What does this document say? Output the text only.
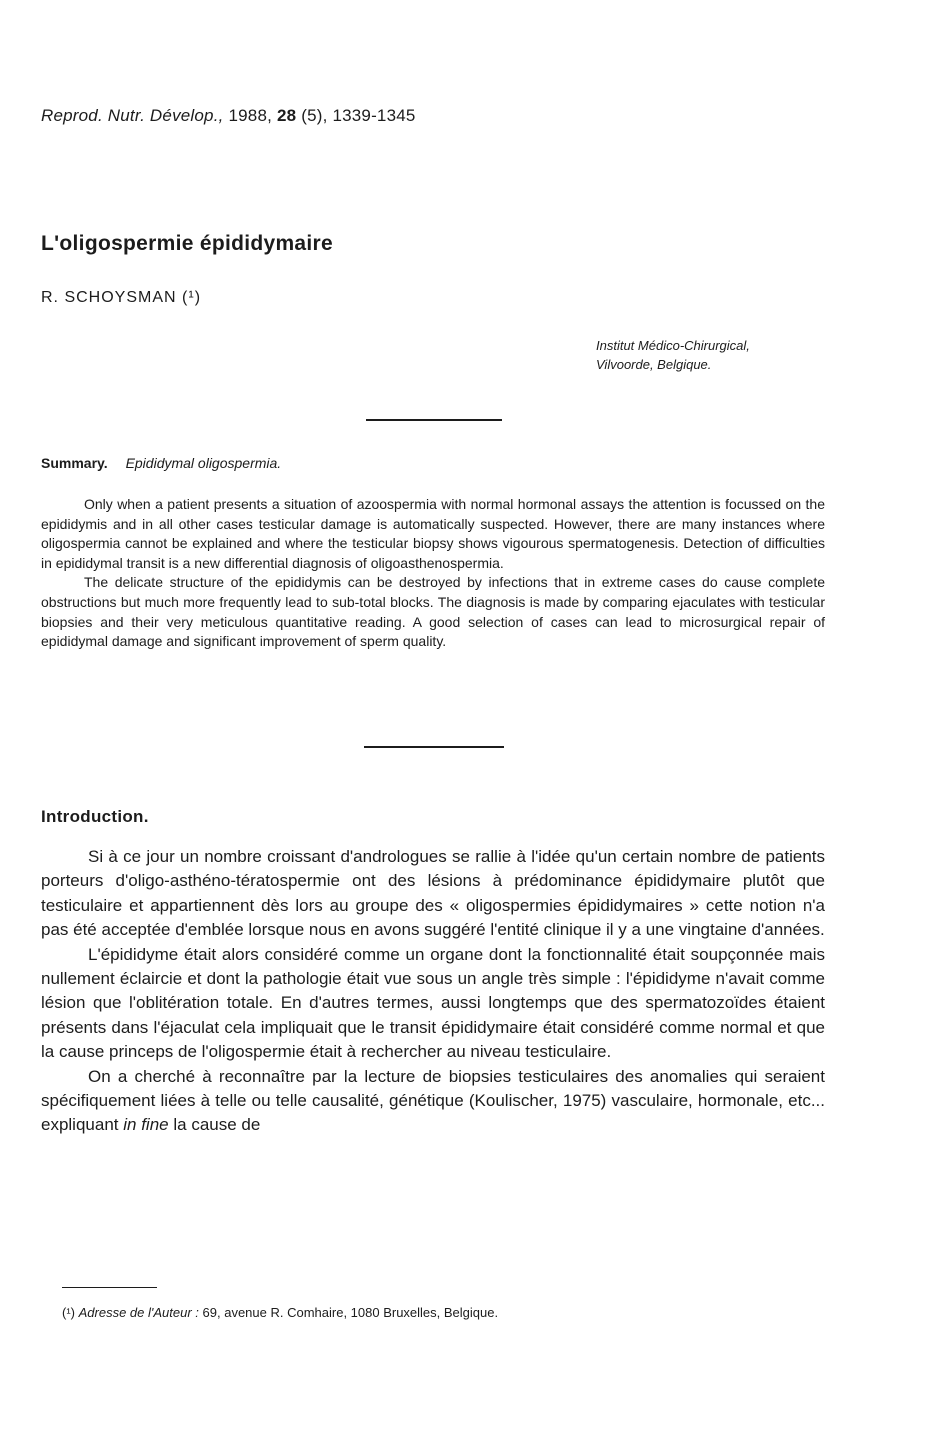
Reprod. Nutr. Dévelop., 1988, 28 (5), 1339-1345
L'oligospermie épididymaire
R. SCHOYSMAN (¹)
Institut Médico-Chirurgical,
Vilvoorde, Belgique.
Summary. Epididymal oligospermia.

Only when a patient presents a situation of azoospermia with normal hormonal assays the attention is focussed on the epididymis and in all other cases testicular damage is automatically suspected. However, there are many instances where oligospermia cannot be explained and where the testicular biopsy shows vigourous spermatogenesis. Detection of difficulties in epididymal transit is a new differential diagnosis of oligoasthenospermia.

The delicate structure of the epididymis can be destroyed by infections that in extreme cases do cause complete obstructions but much more frequently lead to sub-total blocks. The diagnosis is made by comparing ejaculates with testicular biopsies and their very meticulous quantitative reading. A good selection of cases can lead to microsurgical repair of epididymal damage and significant improvement of sperm quality.

Introduction.

Si à ce jour un nombre croissant d'andrologues se rallie à l'idée qu'un certain nombre de patients porteurs d'oligo-asthéno-tératospermie ont des lésions à prédominance épididymaire plutôt que testiculaire et appartiennent dès lors au groupe des « oligospermies épididymaires » cette notion n'a pas été acceptée d'emblée lorsque nous en avons suggéré l'entité clinique il y a une vingtaine d'années.

L'épididyme était alors considéré comme un organe dont la fonctionnalité était soupçonnée mais nullement éclaircie et dont la pathologie était vue sous un angle très simple : l'épididyme n'avait comme lésion que l'oblitération totale. En d'autres termes, aussi longtemps que des spermatozoïdes étaient présents dans l'éjaculat cela impliquait que le transit épididymaire était considéré comme normal et que la cause princeps de l'oligospermie était à rechercher au niveau testiculaire.

On a cherché à reconnaître par la lecture de biopsies testiculaires des anomalies qui seraient spécifiquement liées à telle ou telle causalité, génétique (Koulischer, 1975) vasculaire, hormonale, etc... expliquant in fine la cause de

(¹) Adresse de l'Auteur : 69, avenue R. Comhaire, 1080 Bruxelles, Belgique.
